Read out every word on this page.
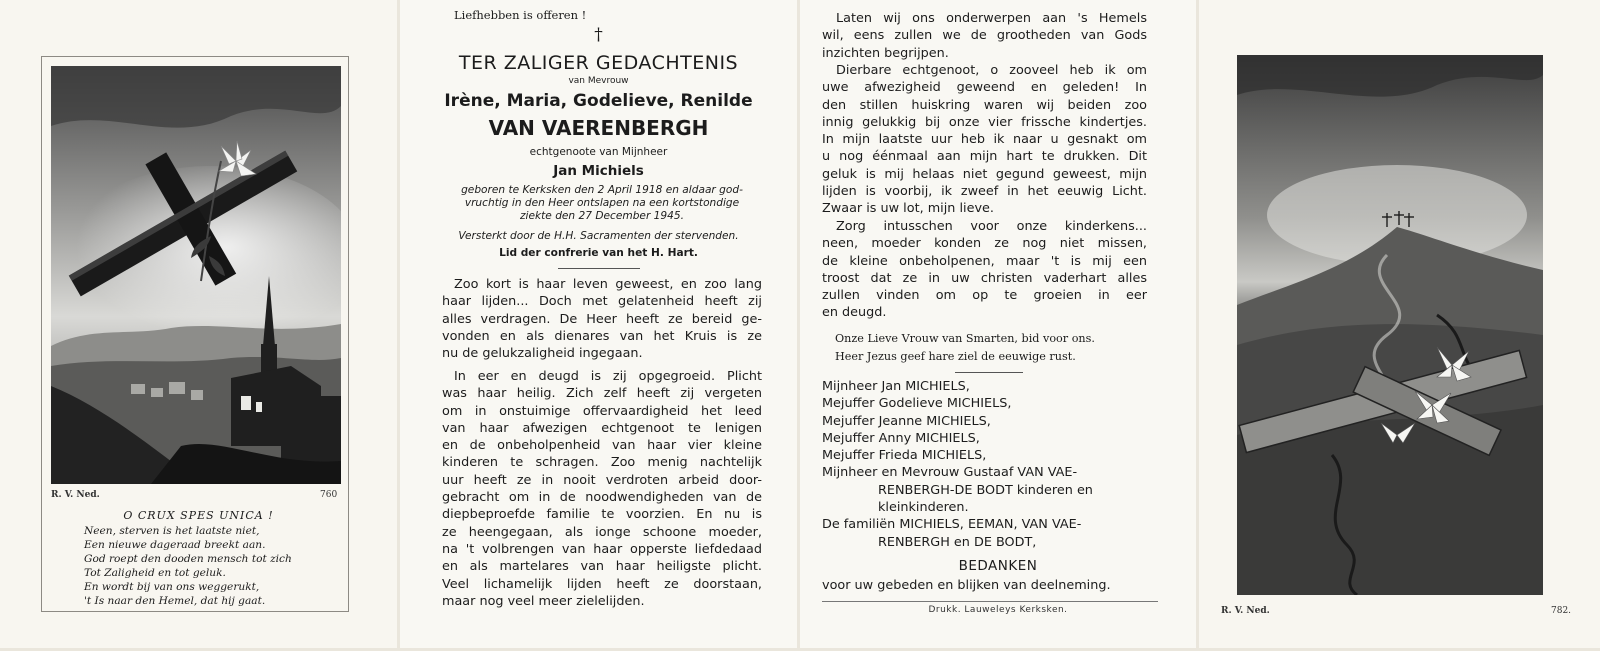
R. V. Ned.	760
O CRUX SPES UNICA !
Neen, sterven is het laatste niet,
Een nieuwe dageraad breekt aan.
God roept den dooden mensch tot zich
Tot Zaligheid en tot geluk.
En wordt bij van ons weggerukt,
't Is naar den Hemel, dat hij gaat.
Liefhebben is offeren !
†
TER ZALIGER GEDACHTENIS
van Mevrouw
Irène, Maria, Godelieve, Renilde
VAN VAERENBERGH
echtgenoote van Mijnheer
Jan Michiels
geboren te Kerksken den 2 April 1918 en aldaar god-
vruchtig in den Heer ontslapen na een kortstondige
ziekte den 27 December 1945.
Versterkt door de H.H. Sacramenten der stervenden.
Lid der confrerie van het H. Hart.
Zoo kort is haar leven geweest, en zoo lang
haar lijden... Doch met gelatenheid heeft zij
alles verdragen. De Heer heeft ze bereid ge-
vonden en als dienares van het Kruis is ze
nu de gelukzaligheid ingegaan.
In eer en deugd is zij opgegroeid. Plicht
was haar heilig. Zich zelf heeft zij vergeten
om in onstuimige offervaardigheid het leed
van haar afwezigen echtgenoot te lenigen
en de onbeholpenheid van haar vier kleine
kinderen te schragen. Zoo menig nachtelijk
uur heeft ze in nooit verdroten arbeid door-
gebracht om in de noodwendigheden van de
diepbeproefde familie te voorzien. En nu is
ze heengegaan, als ionge schoone moeder,
na 't volbrengen van haar opperste liefdedaad
en als martelares van haar heiligste plicht.
Veel lichamelijk lijden heeft ze doorstaan,
maar nog veel meer zielelijden.
Laten wij ons onderwerpen aan 's Hemels
wil, eens zullen we de grootheden van Gods
inzichten begrijpen.
Dierbare echtgenoot, o zooveel heb ik om
uwe afwezigheid geweend en geleden! In
den stillen huiskring waren wij beiden zoo
innig gelukkig bij onze vier frissche kindertjes.
In mijn laatste uur heb ik naar u gesnakt om
u nog éénmaal aan mijn hart te drukken. Dit
geluk is mij helaas niet gegund geweest, mijn
lijden is voorbij, ik zweef in het eeuwig Licht.
Zwaar is uw lot, mijn lieve.
Zorg intusschen voor onze kinderkens...
neen, moeder konden ze nog niet missen,
de kleine onbeholpenen, maar 't is mij een
troost dat ze in uw christen vaderhart alles
zullen vinden om op te groeien in eer
en deugd.
Onze Lieve Vrouw van Smarten, bid voor ons.
Heer Jezus geef hare ziel de eeuwige rust.
Mijnheer Jan MICHIELS,
Mejuffer Godelieve MICHIELS,
Mejuffer Jeanne MICHIELS,
Mejuffer Anny MICHIELS,
Mejuffer Frieda MICHIELS,
Mijnheer en Mevrouw Gustaaf VAN VAE-
RENBERGH-DE BODT kinderen en
kleinkinderen.
De familiën MICHIELS, EEMAN, VAN VAE-
RENBERGH en DE BODT,
BEDANKEN
voor uw gebeden en blijken van deelneming.
Drukk. Lauweleys Kerksken.	R. V. Ned.	782.
